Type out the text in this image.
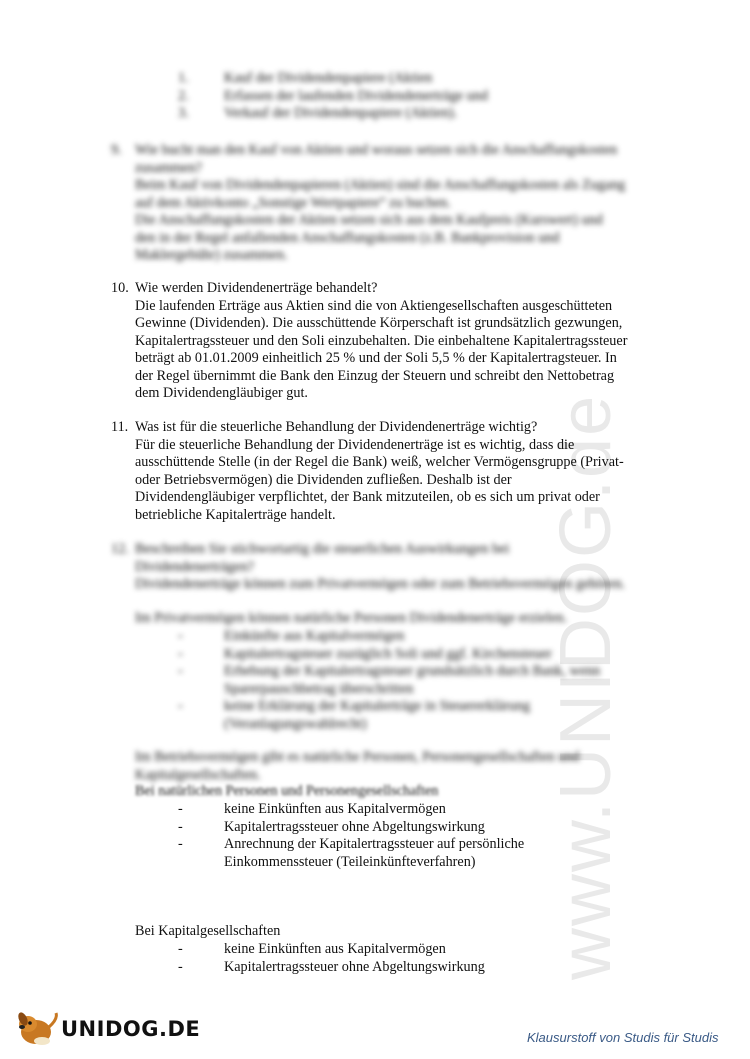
www.UNIDOG.de
1. Kauf der Dividendenpapiere (Aktien
2. Erfassen der laufenden Dividendenerträge und
3. Verkauf der Dividendenpapiere (Aktien).
9. Wie bucht man den Kauf von Aktien und woraus setzen sich die Anschaffungskosten

zusammen?

Beim Kauf von Dividendenpapieren (Aktien) sind die Anschaffungskosten als Zugang

auf dem Aktivkonto „Sonstige Wertpapiere“ zu buchen.

Die Anschaffungskosten der Aktien setzen sich aus dem Kaufpreis (Kurswert) und

den in der Regel anfallenden Anschaffungskosten (z.B. Bankprovision und

Maklergebühr) zusammen.

10. Wie werden Dividendenerträge behandelt?

Die laufenden Erträge aus Aktien sind die von Aktiengesellschaften ausgeschütteten

Gewinne (Dividenden). Die ausschüttende Körperschaft ist grundsätzlich gezwungen,

Kapitalertragssteuer und den Soli einzubehalten. Die einbehaltene Kapitalertragssteuer

beträgt ab 01.01.2009 einheitlich 25 % und der Soli 5,5 % der Kapitalertragsteuer. In

der Regel übernimmt die Bank den Einzug der Steuern und schreibt den Nettobetrag

dem Dividendengläubiger gut.

11. Was ist für die steuerliche Behandlung der Dividendenerträge wichtig?

Für die steuerliche Behandlung der Dividendenerträge ist es wichtig, dass die

ausschüttende Stelle (in der Regel die Bank) weiß, welcher Vermögensgruppe (Privat-

oder Betriebsvermögen) die Dividenden zufließen. Deshalb ist der

Dividendengläubiger verpflichtet, der Bank mitzuteilen, ob es sich um privat oder

betriebliche Kapitalerträge handelt.

12. Beschreiben Sie stichwortartig die steuerlichen Auswirkungen bei

Dividendenerträgen?

Dividendenerträge können zum Privatvermögen oder zum Betriebsvermögen gehören.

Im Privatvermögen können natürliche Personen Dividendenerträge erzielen.

-	Einkünfte aus Kapitalvermögen
-	Kapitalertragsteuer zuzüglich Soli und ggf. Kirchensteuer
-	Erhebung der Kapitalertragsteuer grundsätzlich durch Bank, wenn
Sparerpauschbetrag überschritten
-	keine Erklärung der Kapitalerträge in Steuererklärung
(Veranlagungswahlrecht)

Im Betriebsvermögen gibt es natürliche Personen, Personengesellschaften und

Kapitalgesellschaften.

Bei natürlichen Personen und Personengesellschaften

-	keine Einkünften aus Kapitalvermögen
-	Kapitalertragssteuer ohne Abgeltungswirkung
-	Anrechnung der Kapitalertragssteuer auf persönliche
Einkommenssteuer (Teileinkünfteverfahren)

Bei Kapitalgesellschaften

-	keine Einkünften aus Kapitalvermögen
-	Kapitalertragssteuer ohne Abgeltungswirkung
UNIDOG.DE	Klausurstoff von Studis für Studis
